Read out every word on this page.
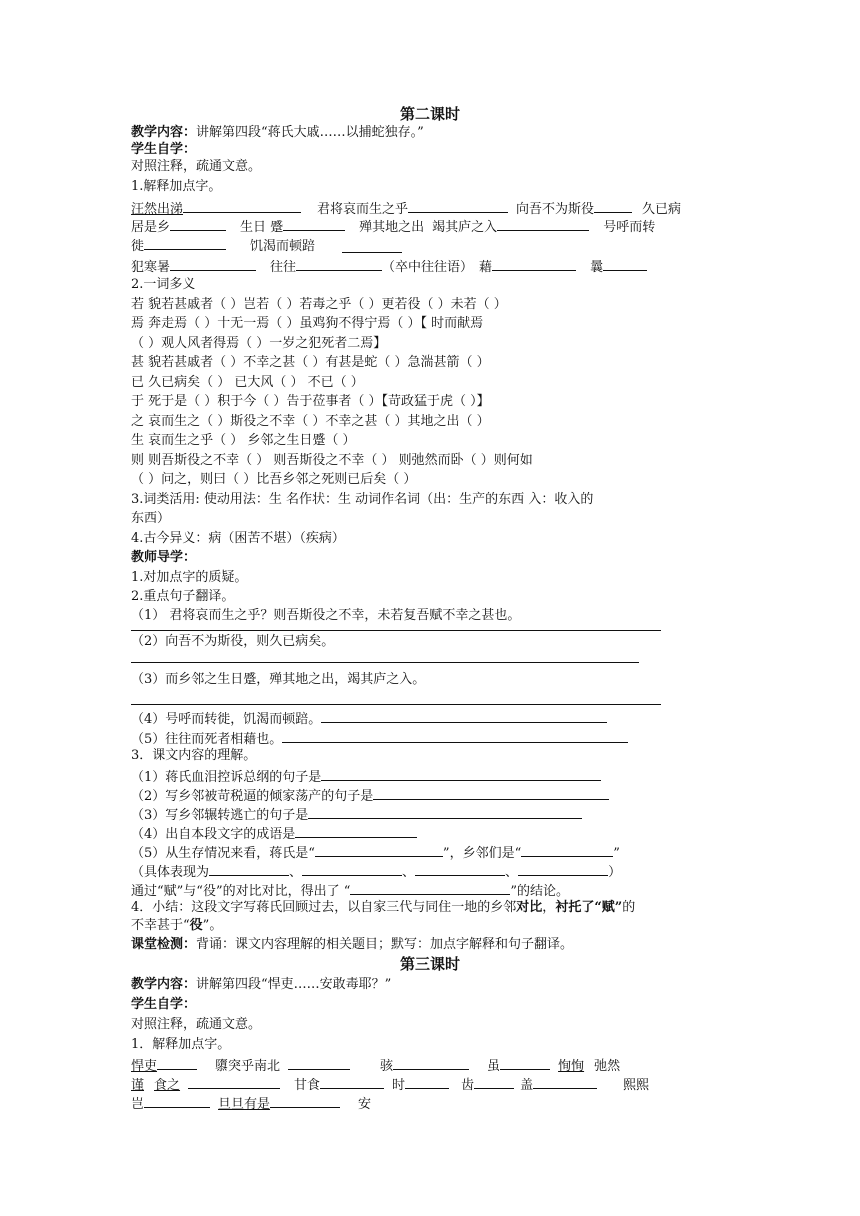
第二课时
教学内容：讲解第四段“蒋氏大戚……以捕蛇独存。”
学生自学：
对照注释，疏通文意。
1.解释加点字。
汪然出涕	君将哀而生之乎	向吾不为斯役	久已病
居是乡	生日 蹙	殚其地之出 竭其庐之入	号呼而转
徙	饥渴而顿踣
犯寒暑	往往	（卒中往往语） 藉	曩
2.一词多义
若 貌若甚戚者（ ）岂若（ ）若毒之乎（ ）更若役（ ）未若（ ）
焉 奔走焉（ ）十无一焉（ ）虽鸡狗不得宁焉（ ）【 时而献焉
（ ）观人风者得焉（ ）一岁之犯死者二焉】
甚 貌若甚戚者（ ）不幸之甚（ ）有甚是蛇（ ）急湍甚箭（ ）
已 久已病矣（ ） 已大风（ ） 不已（ ）
于 死于是（ ）积于今（ ）告于莅事者（ ）【苛政猛于虎（ ）】
之 哀而生之（ ）斯役之不幸（ ）不幸之甚（ ）其地之出（ ）
生 哀而生之乎（ ） 乡邻之生日蹙（ ）
则 则吾斯役之不幸（ ） 则吾斯役之不幸（ ） 则弛然而卧（ ）则何如
（ ）问之，则曰（ ）比吾乡邻之死则已后矣（ ）
3.词类活用: 使动用法：生 名作状：生 动词作名词（出：生产的东西 入：收入的
东西）
4.古今异义：病（困苦不堪）（疾病）
教师导学：
1.对加点字的质疑。
2.重点句子翻译。
（1） 君将哀而生之乎？则吾斯役之不幸，未若复吾赋不幸之甚也。
（2）向吾不为斯役，则久已病矣。
（3）而乡邻之生日蹙，殚其地之出，竭其庐之入。
（4）号呼而转徙，饥渴而顿踣。
（5）往往而死者相藉也。
3．课文内容的理解。
（1）蒋氏血泪控诉总纲的句子是
（2）写乡邻被苛税逼的倾家荡产的句子是
（3）写乡邻辗转逃亡的句子是
（4）出自本段文字的成语是
（5）从生存情况来看，蒋氏是“	”，乡邻们是“	”
（具体表现为	、	、	、	）
通过“赋”与“役”的对比对比，得出了 “	”的结论。
4．小结：这段文字写蒋氏回顾过去，以自家三代与同住一地的乡邻对比，衬托了“赋”的
不幸甚于“役”。
课堂检测：背诵：课文内容理解的相关题目；默写：加点字解释和句子翻译。
第三课时
教学内容：讲解第四段“悍吏……安敢毒耶？”
学生自学：
对照注释，疏通文意。
1．解释加点字。
悍吏	隳突乎南北	骇	虽	恂恂 弛然
谨 食之	甘食	时	齿	盖	熙熙
岂	旦旦有是	安
